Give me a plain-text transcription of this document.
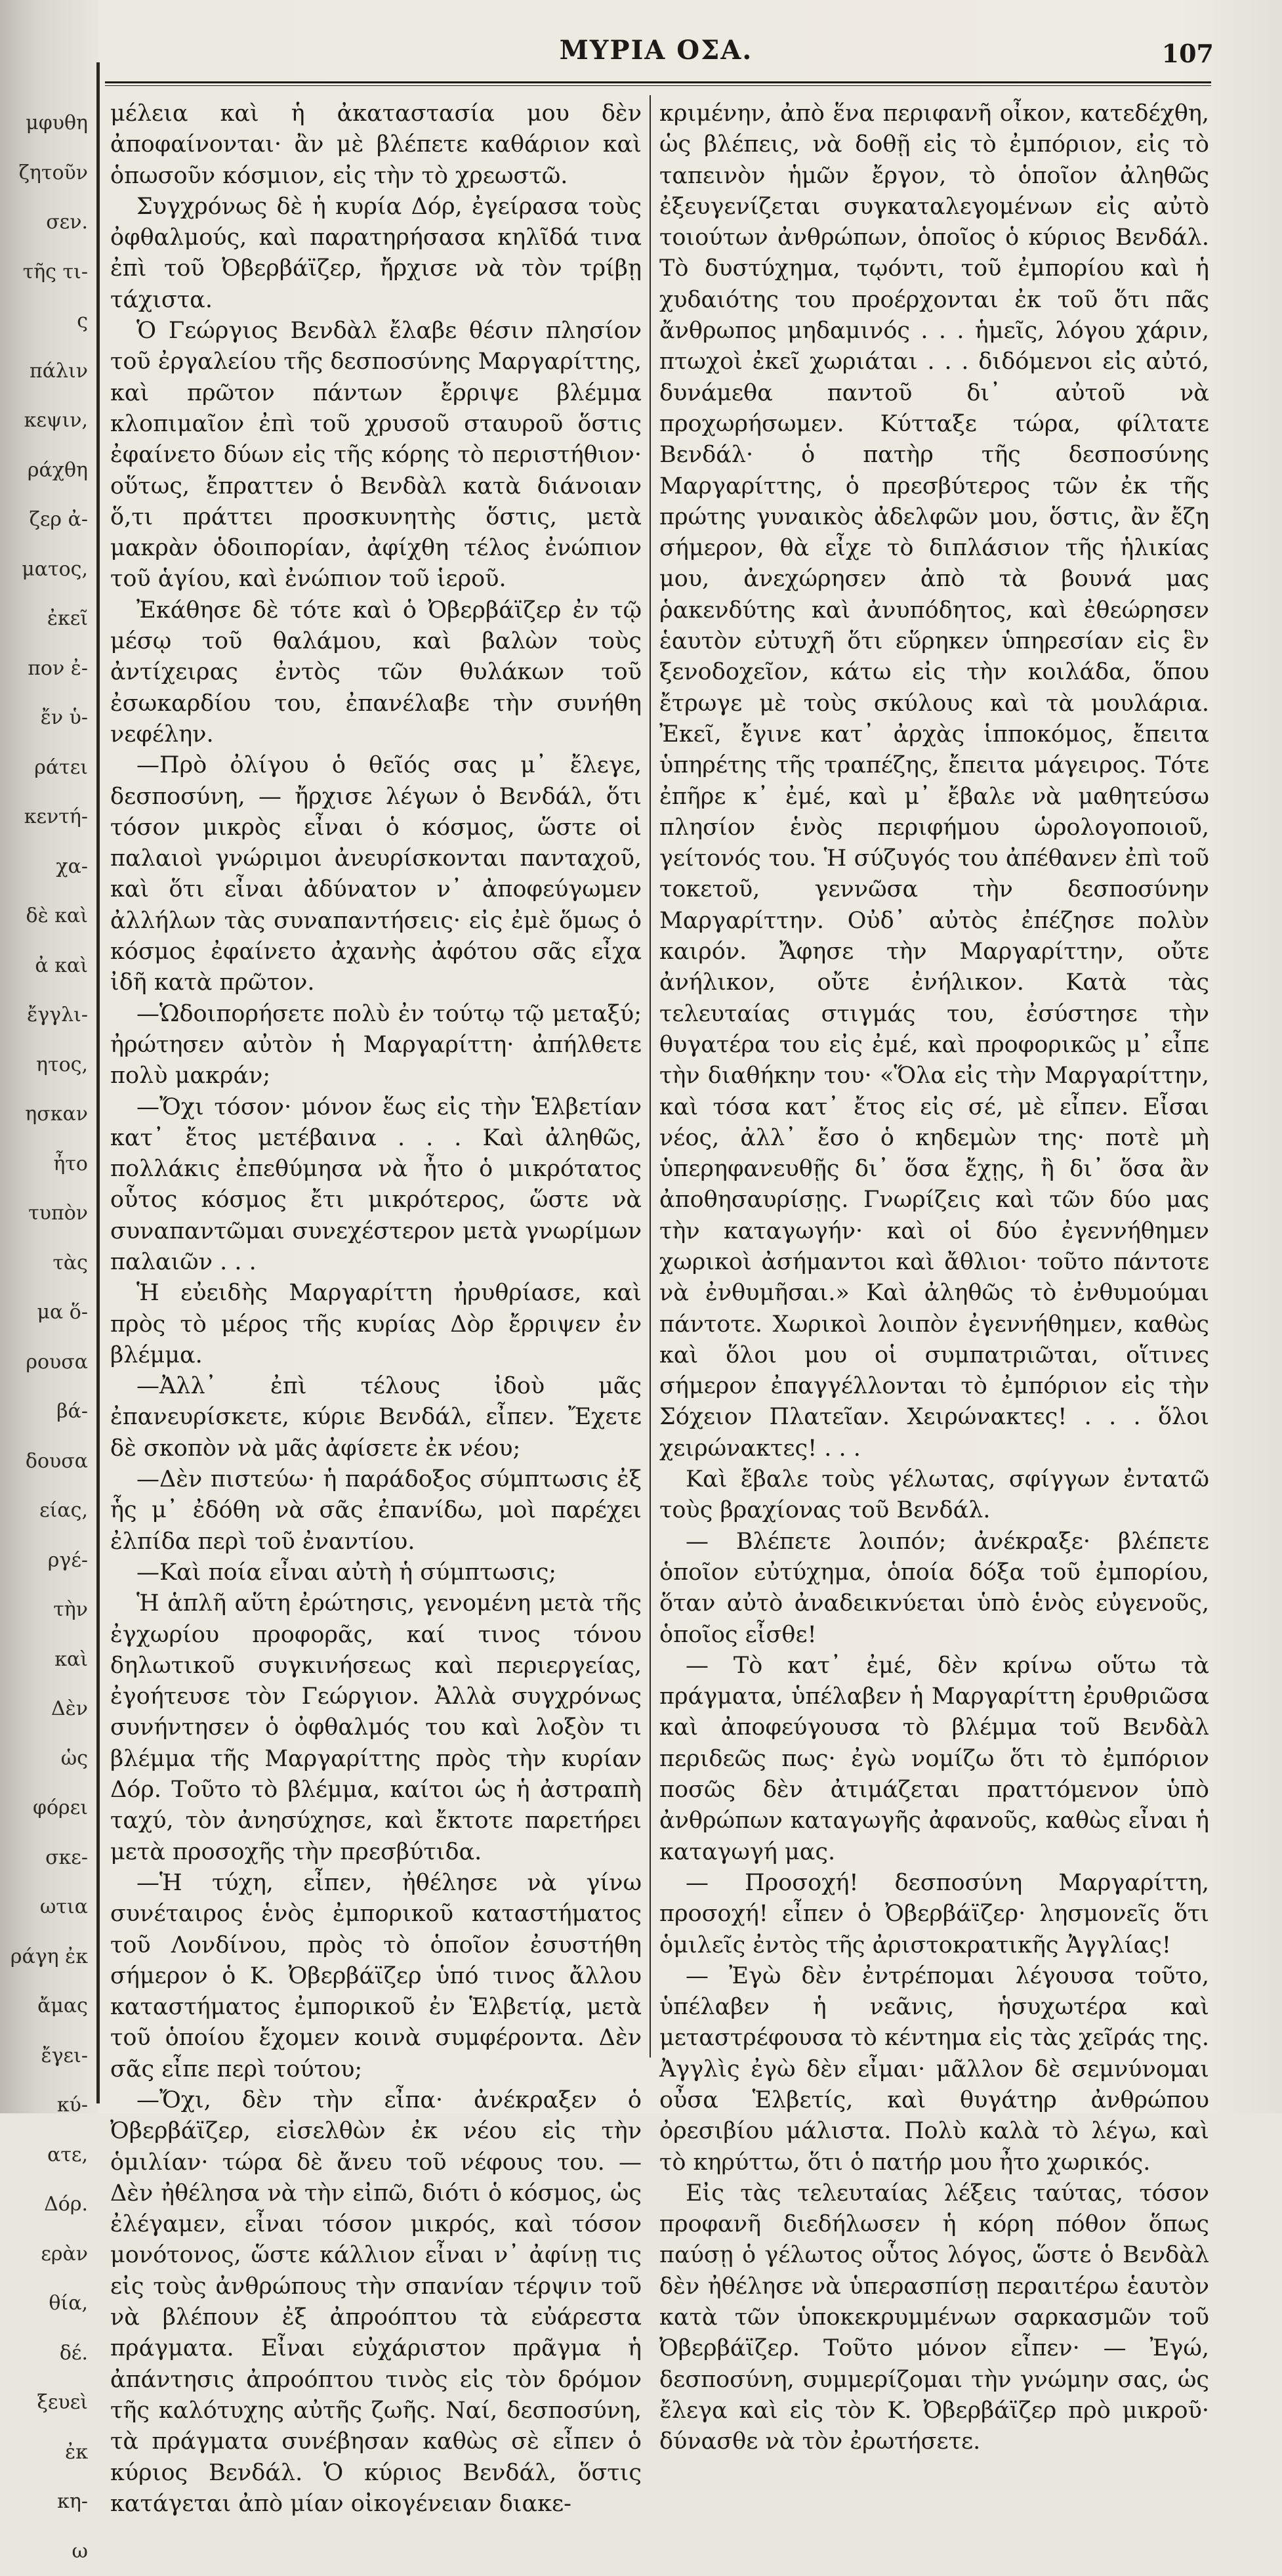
μφυθη
ζητοῦν
σεν.
τῆς τι-
ς
πάλιν
κεψιν,
ράχθη
ζερ ἀ-
ματος,
ἐκεῖ
πον ἐ-
ἔν ὑ-
ράτει
κεντή-
χα-
δὲ καὶ
ἀ καὶ
ἔγγλι-
ητος,
ησκαν
ἦτο
τυπὸν
τὰς
μα ὅ-
ρουσα
βά-
δουσα
είας,
ργέ-
τὴν
καὶ
Δὲν
ὡς
φόρει
σκε-
ωτια
ράγη ἐκ
ἄμας
ἔγει-
κύ-
ατε,
Δόρ.
ερὰν
θία,
δέ.
ξευεὶ
ἐκ
κη-
ω
ΜΥΡΙΑ ΟΣΑ.	107

μέλεια καὶ ἡ ἀκαταστασία μου δὲν ἀποφαίνονται· ἂν μὲ βλέπετε καθάριον καὶ ὁπωσοῦν κόσμιον, εἰς τὴν τὸ χρεωστῶ.

Συγχρόνως δὲ ἡ κυρία Δόρ, ἐγείρασα τοὺς ὀφθαλμούς, καὶ παρατηρήσασα κηλῖδά τινα ἐπὶ τοῦ Ὀβερβάϊζερ, ἤρχισε νὰ τὸν τρίβῃ τάχιστα.

Ὁ Γεώργιος Βενδὰλ ἔλαβε θέσιν πλησίον τοῦ ἐργαλείου τῆς δεσποσύνης Μαργαρίττης, καὶ πρῶτον πάντων ἔρριψε βλέμμα κλοπιμαῖον ἐπὶ τοῦ χρυσοῦ σταυροῦ ὅστις ἐφαίνετο δύων εἰς τῆς κόρης τὸ περιστήθιον· οὕτως, ἔπραττεν ὁ Βενδὰλ κατὰ διάνοιαν ὅ,τι πράττει προσκυνητὴς ὅστις, μετὰ μακρὰν ὁδοιπορίαν, ἀφίχθη τέλος ἐνώπιον τοῦ ἁγίου, καὶ ἐνώπιον τοῦ ἱεροῦ.

Ἐκάθησε δὲ τότε καὶ ὁ Ὀβερβάϊζερ ἐν τῷ μέσῳ τοῦ θαλάμου, καὶ βαλὼν τοὺς ἀντίχειρας ἐντὸς τῶν θυλάκων τοῦ ἐσωκαρδίου του, ἐπανέλαβε τὴν συνήθη νεφέλην.

—Πρὸ ὀλίγου ὁ θεῖός σας μ᾽ ἔλεγε, δεσποσύνη, — ἤρχισε λέγων ὁ Βενδάλ, ὅτι τόσον μικρὸς εἶναι ὁ κόσμος, ὥστε οἱ παλαιοὶ γνώριμοι ἀνευρίσκονται πανταχοῦ, καὶ ὅτι εἶναι ἀδύνατον ν᾽ ἀποφεύγωμεν ἀλλήλων τὰς συναπαντήσεις· εἰς ἐμὲ ὅμως ὁ κόσμος ἐφαίνετο ἀχανὴς ἀφότου σᾶς εἶχα ἰδῆ κατὰ πρῶτον.

—Ὡδοιπορήσετε πολὺ ἐν τούτῳ τῷ μεταξύ; ἠρώτησεν αὐτὸν ἡ Μαργαρίττη· ἀπήλθετε πολὺ μακράν;

—Ὄχι τόσον· μόνον ἕως εἰς τὴν Ἑλβετίαν κατ᾽ ἔτος μετέβαινα . . . Καὶ ἀληθῶς, πολλάκις ἐπεθύμησα νὰ ἦτο ὁ μικρότατος οὗτος κόσμος ἔτι μικρότερος, ὥστε νὰ συναπαντῶμαι συνεχέστερον μετὰ γνωρίμων παλαιῶν . . .

Ἡ εὐειδὴς Μαργαρίττη ἠρυθρίασε, καὶ πρὸς τὸ μέρος τῆς κυρίας Δὸρ ἔρριψεν ἐν βλέμμα.

—Ἀλλ᾽ ἐπὶ τέλους ἰδοὺ μᾶς ἐπανευρίσκετε, κύριε Βενδάλ, εἶπεν. Ἔχετε δὲ σκοπὸν νὰ μᾶς ἀφίσετε ἐκ νέου;

—Δὲν πιστεύω· ἡ παράδοξος σύμπτωσις ἐξ ἧς μ᾽ ἐδόθη νὰ σᾶς ἐπανίδω, μοὶ παρέχει ἐλπίδα περὶ τοῦ ἐναντίου.

—Καὶ ποία εἶναι αὐτὴ ἡ σύμπτωσις;

Ἡ ἁπλῆ αὕτη ἐρώτησις, γενομένη μετὰ τῆς ἐγχωρίου προφορᾶς, καί τινος τόνου δηλωτικοῦ συγκινήσεως καὶ περιεργείας, ἐγοήτευσε τὸν Γεώργιον. Ἀλλὰ συγχρόνως συνήντησεν ὁ ὀφθαλμός του καὶ λοξὸν τι βλέμμα τῆς Μαργαρίττης πρὸς τὴν κυρίαν Δόρ. Τοῦτο τὸ βλέμμα, καίτοι ὡς ἡ ἀστραπὴ ταχύ, τὸν ἀνησύχησε, καὶ ἔκτοτε παρετήρει μετὰ προσοχῆς τὴν πρεσβύτιδα.

—Ἡ τύχη, εἶπεν, ἠθέλησε νὰ γίνω συνέταιρος ἑνὸς ἐμπορικοῦ καταστήματος τοῦ Λονδίνου, πρὸς τὸ ὁποῖον ἐσυστήθη σήμερον ὁ Κ. Ὀβερβάϊζερ ὑπό τινος ἄλλου καταστήματος ἐμπορικοῦ ἐν Ἑλβετίᾳ, μετὰ τοῦ ὁποίου ἔχομεν κοινὰ συμφέροντα. Δὲν σᾶς εἶπε περὶ τούτου;

—Ὄχι, δὲν τὴν εἶπα· ἀνέκραξεν ὁ Ὀβερβάϊζερ, εἰσελθὼν ἐκ νέου εἰς τὴν ὁμιλίαν· τώρα δὲ ἄνευ τοῦ νέφους του. — Δὲν ἠθέλησα νὰ τὴν εἰπῶ, διότι ὁ κόσμος, ὡς ἐλέγαμεν, εἶναι τόσον μικρός, καὶ τόσον μονότονος, ὥστε κάλλιον εἶναι ν᾽ ἀφίνῃ τις εἰς τοὺς ἀνθρώπους τὴν σπανίαν τέρψιν τοῦ νὰ βλέπουν ἐξ ἀπροόπτου τὰ εὐάρεστα πράγματα. Εἶναι εὐχάριστον πρᾶγμα ἡ ἀπάντησις ἀπροόπτου τινὸς εἰς τὸν δρόμον τῆς καλότυχης αὐτῆς ζωῆς. Ναί, δεσποσύνη, τὰ πράγματα συνέβησαν καθὼς σὲ εἶπεν ὁ κύριος Βενδάλ. Ὁ κύριος Βενδάλ, ὅστις κατάγεται ἀπὸ μίαν οἰκογένειαν διακε-

κριμένην, ἀπὸ ἕνα περιφανῆ οἶκον, κατεδέχθη, ὡς βλέπεις, νὰ δοθῇ εἰς τὸ ἐμπόριον, εἰς τὸ ταπεινὸν ἡμῶν ἔργον, τὸ ὁποῖον ἀληθῶς ἐξευγενίζεται συγκαταλεγομένων εἰς αὐτὸ τοιούτων ἀνθρώπων, ὁποῖος ὁ κύριος Βενδάλ. Τὸ δυστύχημα, τῳόντι, τοῦ ἐμπορίου καὶ ἡ χυδαιότης του προέρχονται ἐκ τοῦ ὅτι πᾶς ἄνθρωπος μηδαμινός . . . ἡμεῖς, λόγου χάριν, πτωχοὶ ἐκεῖ χωριάται . . . διδόμενοι εἰς αὐτό, δυνάμεθα παντοῦ δι᾽ αὐτοῦ νὰ προχωρήσωμεν. Κύτταξε τώρα, φίλτατε Βενδάλ· ὁ πατὴρ τῆς δεσποσύνης Μαργαρίττης, ὁ πρεσβύτερος τῶν ἐκ τῆς πρώτης γυναικὸς ἀδελφῶν μου, ὅστις, ἂν ἔζη σήμερον, θὰ εἶχε τὸ διπλάσιον τῆς ἡλικίας μου, ἀνεχώρησεν ἀπὸ τὰ βουνά μας ῥακενδύτης καὶ ἀνυπόδητος, καὶ ἐθεώρησεν ἑαυτὸν εὐτυχῆ ὅτι εὕρηκεν ὑπηρεσίαν εἰς ἓν ξενοδοχεῖον, κάτω εἰς τὴν κοιλάδα, ὅπου ἔτρωγε μὲ τοὺς σκύλους καὶ τὰ μουλάρια. Ἐκεῖ, ἔγινε κατ᾽ ἀρχὰς ἱπποκόμος, ἔπειτα ὑπηρέτης τῆς τραπέζης, ἔπειτα μάγειρος. Τότε ἐπῆρε κ᾽ ἐμέ, καὶ μ᾽ ἔβαλε νὰ μαθητεύσω πλησίον ἑνὸς περιφήμου ὡρολογοποιοῦ, γείτονός του. Ἡ σύζυγός του ἀπέθανεν ἐπὶ τοῦ τοκετοῦ, γεννῶσα τὴν δεσποσύνην Μαργαρίττην. Οὐδ᾽ αὐτὸς ἐπέζησε πολὺν καιρόν. Ἄφησε τὴν Μαργαρίττην, οὔτε ἀνήλικον, οὔτε ἐνήλικον. Κατὰ τὰς τελευταίας στιγμάς του, ἐσύστησε τὴν θυγατέρα του εἰς ἐμέ, καὶ προφορικῶς μ᾽ εἶπε τὴν διαθήκην του· «Ὅλα εἰς τὴν Μαργαρίττην, καὶ τόσα κατ᾽ ἔτος εἰς σέ, μὲ εἶπεν. Εἶσαι νέος, ἀλλ᾽ ἔσο ὁ κηδεμὼν της· ποτὲ μὴ ὑπερηφανευθῇς δι᾽ ὅσα ἔχῃς, ἢ δι᾽ ὅσα ἂν ἀποθησαυρίσῃς. Γνωρίζεις καὶ τῶν δύο μας τὴν καταγωγήν· καὶ οἱ δύο ἐγεννήθημεν χωρικοὶ ἀσήμαντοι καὶ ἄθλιοι· τοῦτο πάντοτε νὰ ἐνθυμῆσαι.» Καὶ ἀληθῶς τὸ ἐνθυμούμαι πάντοτε. Χωρικοὶ λοιπὸν ἐγεννήθημεν, καθὼς καὶ ὅλοι μου οἱ συμπατριῶται, οἵτινες σήμερον ἐπαγγέλλονται τὸ ἐμπόριον εἰς τὴν Σόχειον Πλατεῖαν. Χειρώνακτες! . . . ὅλοι χειρώνακτες! . . .

Καὶ ἔβαλε τοὺς γέλωτας, σφίγγων ἐντατῶ τοὺς βραχίονας τοῦ Βενδάλ.

— Βλέπετε λοιπόν; ἀνέκραξε· βλέπετε ὁποῖον εὐτύχημα, ὁποία δόξα τοῦ ἐμπορίου, ὅταν αὐτὸ ἀναδεικνύεται ὑπὸ ἑνὸς εὐγενοῦς, ὁποῖος εἶσθε!

— Τὸ κατ᾽ ἐμέ, δὲν κρίνω οὕτω τὰ πράγματα, ὑπέλαβεν ἡ Μαργαρίττη ἐρυθριῶσα καὶ ἀποφεύγουσα τὸ βλέμμα τοῦ Βενδὰλ περιδεῶς πως· ἐγὼ νομίζω ὅτι τὸ ἐμπόριον ποσῶς δὲν ἀτιμάζεται πραττόμενον ὑπὸ ἀνθρώπων καταγωγῆς ἀφανοῦς, καθὼς εἶναι ἡ καταγωγή μας.

— Προσοχή! δεσποσύνη Μαργαρίττη, προσοχή! εἶπεν ὁ Ὀβερβάϊζερ· λησμονεῖς ὅτι ὁμιλεῖς ἐντὸς τῆς ἀριστοκρατικῆς Ἀγγλίας!

— Ἐγὼ δὲν ἐντρέπομαι λέγουσα τοῦτο, ὑπέλαβεν ἡ νεᾶνις, ἡσυχωτέρα καὶ μεταστρέφουσα τὸ κέντημα εἰς τὰς χεῖράς της. Ἀγγλὶς ἐγὼ δὲν εἶμαι· μᾶλλον δὲ σεμνύνομαι οὖσα Ἑλβετίς, καὶ θυγάτηρ ἀνθρώπου ὀρεσιβίου μάλιστα. Πολὺ καλὰ τὸ λέγω, καὶ τὸ κηρύττω, ὅτι ὁ πατήρ μου ἦτο χωρικός.

Εἰς τὰς τελευταίας λέξεις ταύτας, τόσον προφανῆ διεδήλωσεν ἡ κόρη πόθον ὅπως παύσῃ ὁ γέλωτος οὗτος λόγος, ὥστε ὁ Βενδὰλ δὲν ἠθέλησε νὰ ὑπερασπίσῃ περαιτέρω ἑαυτὸν κατὰ τῶν ὑποκεκρυμμένων σαρκασμῶν τοῦ Ὀβερβάϊζερ. Τοῦτο μόνον εἶπεν· — Ἐγώ, δεσποσύνη, συμμερίζομαι τὴν γνώμην σας, ὡς ἔλεγα καὶ εἰς τὸν Κ. Ὀβερβάϊζερ πρὸ μικροῦ· δύνασθε νὰ τὸν ἐρωτήσετε.
